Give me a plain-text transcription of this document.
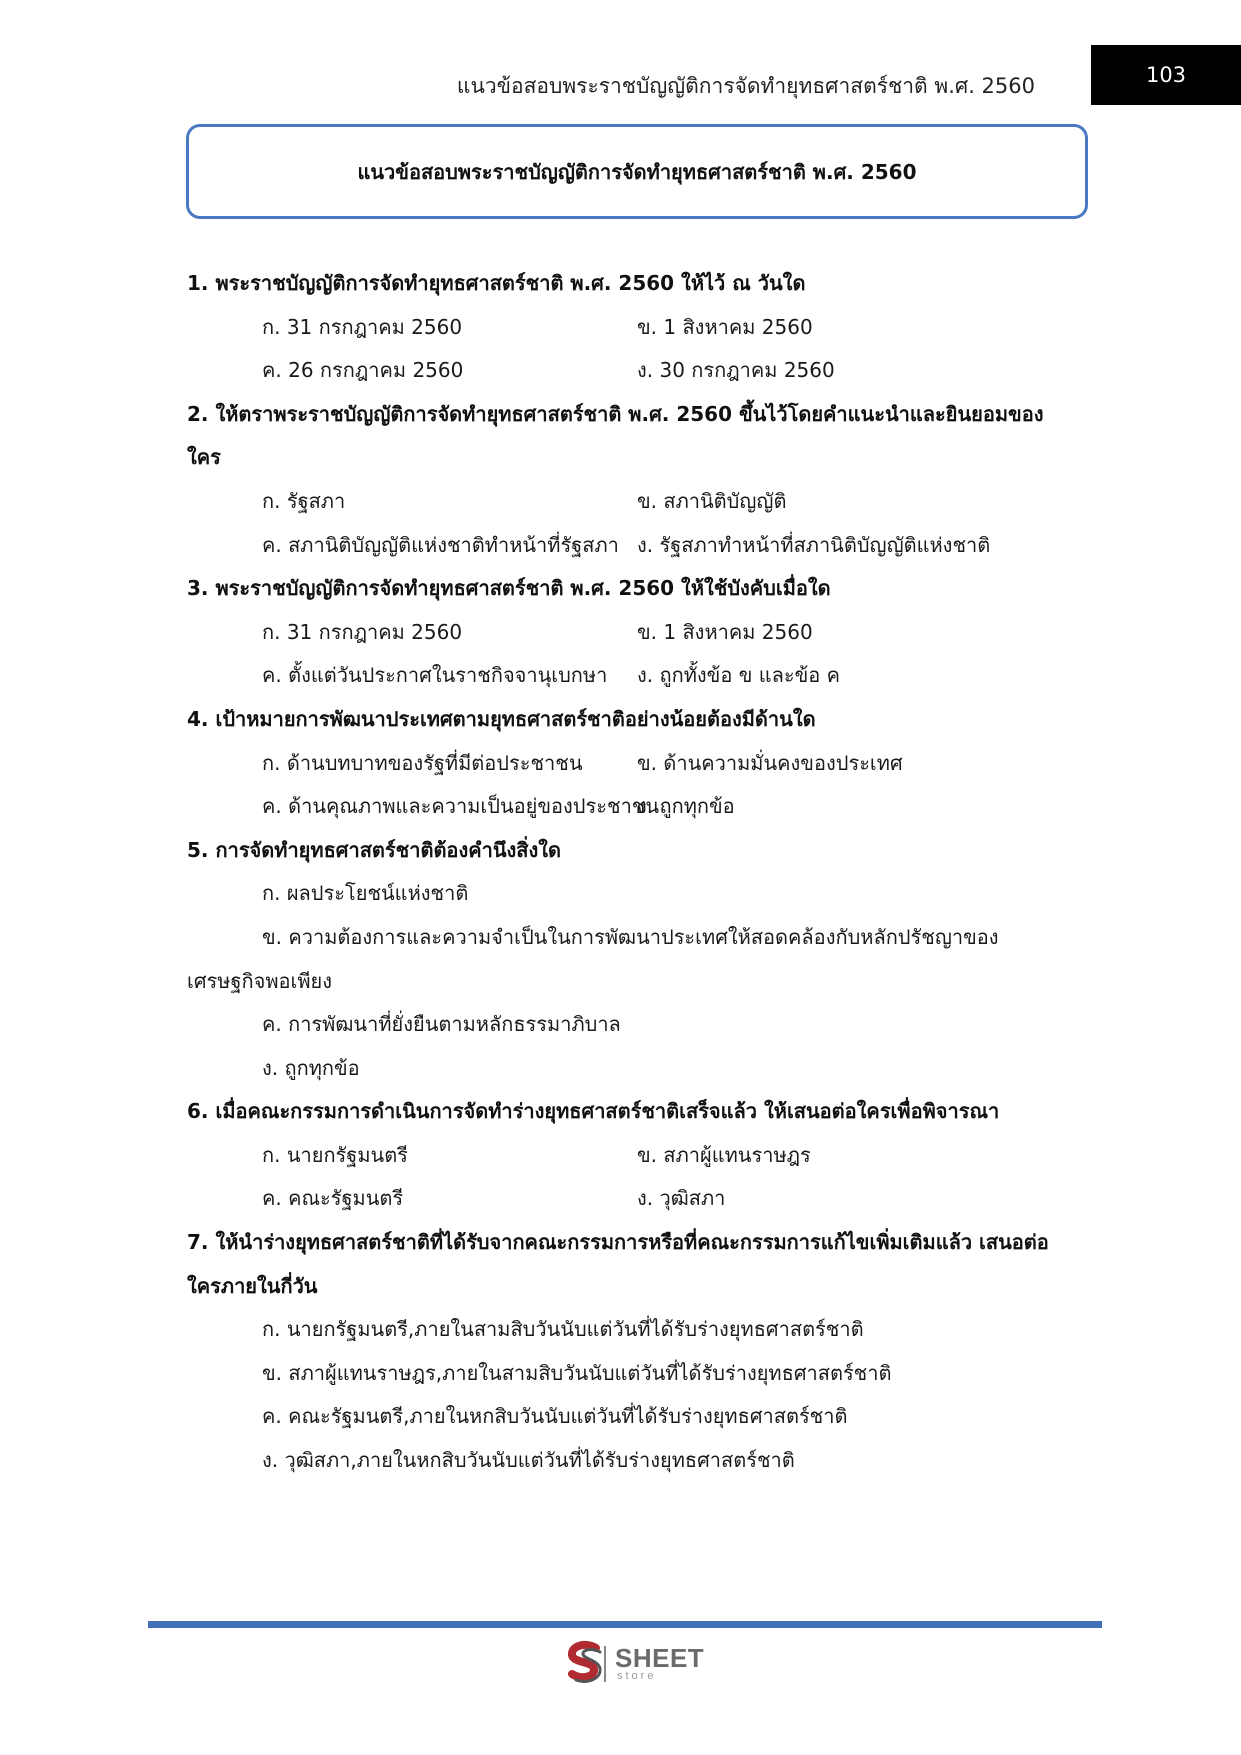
แนวข้อสอบพระราชบัญญัติการจัดทำยุทธศาสตร์ชาติ พ.ศ. 2560	103
แนวข้อสอบพระราชบัญญัติการจัดทำยุทธศาสตร์ชาติ พ.ศ. 2560
1. พระราชบัญญัติการจัดทำยุทธศาสตร์ชาติ พ.ศ. 2560 ให้ไว้ ณ วันใด
ก. 31 กรกฎาคม 2560	ข. 1 สิงหาคม 2560
ค. 26 กรกฎาคม 2560	ง. 30 กรกฎาคม 2560
2. ให้ตราพระราชบัญญัติการจัดทำยุทธศาสตร์ชาติ พ.ศ. 2560 ขึ้นไว้โดยคำแนะนำและยินยอมของ
ใคร
ก. รัฐสภา	ข. สภานิติบัญญัติ
ค. สภานิติบัญญัติแห่งชาติทำหน้าที่รัฐสภา ง. รัฐสภาทำหน้าที่สภานิติบัญญัติแห่งชาติ
3. พระราชบัญญัติการจัดทำยุทธศาสตร์ชาติ พ.ศ. 2560 ให้ใช้บังคับเมื่อใด
ก. 31 กรกฎาคม 2560	ข. 1 สิงหาคม 2560
ค. ตั้งแต่วันประกาศในราชกิจจานุเบกษา	ง. ถูกทั้งข้อ ข และข้อ ค
4. เป้าหมายการพัฒนาประเทศตามยุทธศาสตร์ชาติอย่างน้อยต้องมีด้านใด
ก. ด้านบทบาทของรัฐที่มีต่อประชาชน	ข. ด้านความมั่นคงของประเทศ
ค. ด้านคุณภาพและความเป็นอยู่ของประชาชน
ง. ถูกทุกข้อ
5. การจัดทำยุทธศาสตร์ชาติต้องคำนึงสิ่งใด
ก. ผลประโยชน์แห่งชาติ
ข. ความต้องการและความจำเป็นในการพัฒนาประเทศให้สอดคล้องกับหลักปรัชญาของ
เศรษฐกิจพอเพียง
ค. การพัฒนาที่ยั่งยืนตามหลักธรรมาภิบาล
ง. ถูกทุกข้อ
6. เมื่อคณะกรรมการดำเนินการจัดทำร่างยุทธศาสตร์ชาติเสร็จแล้ว ให้เสนอต่อใครเพื่อพิจารณา
ก. นายกรัฐมนตรี	ข. สภาผู้แทนราษฎร
ค. คณะรัฐมนตรี	ง. วุฒิสภา
7. ให้นำร่างยุทธศาสตร์ชาติที่ได้รับจากคณะกรรมการหรือที่คณะกรรมการแก้ไขเพิ่มเติมแล้ว เสนอต่อ
ใครภายในกี่วัน
ก. นายกรัฐมนตรี,ภายในสามสิบวันนับแต่วันที่ได้รับร่างยุทธศาสตร์ชาติ
ข. สภาผู้แทนราษฎร,ภายในสามสิบวันนับแต่วันที่ได้รับร่างยุทธศาสตร์ชาติ
ค. คณะรัฐมนตรี,ภายในหกสิบวันนับแต่วันที่ได้รับร่างยุทธศาสตร์ชาติ
ง. วุฒิสภา,ภายในหกสิบวันนับแต่วันที่ได้รับร่างยุทธศาสตร์ชาติ
SHEET
store
